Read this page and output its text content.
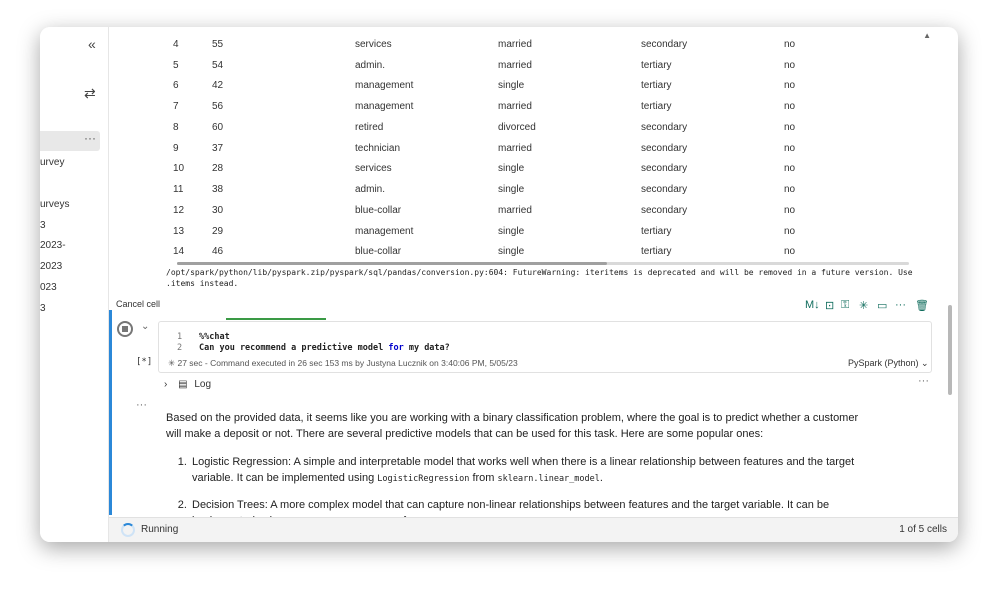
«
⇄
···
urvey
urveys
3
-2023
2023
023
3
▲
4	55	services	married	secondary	no
5	54	admin.	married	tertiary	no
6	42	management	single	tertiary	no
7	56	management	married	tertiary	no
8	60	retired	divorced	secondary	no
9	37	technician	married	secondary	no
10	28	services	single	secondary	no
11	38	admin.	single	secondary	no
12	30	blue-collar	married	secondary	no
13	29	management	single	tertiary	no
14	46	blue-collar	single	tertiary	no
/opt/spark/python/lib/pyspark.zip/pyspark/sql/pandas/conversion.py:604: FutureWarning: iteritems is deprecated and will be removed in a future version. Use .items instead.
Cancel cell
⌄
[*]
M↓ ⊡ ⚿ ✳ ▭ ··· 🗑
1 %%chat
2 Can you recommend a predictive model for my data?
✳ 27 sec - Command executed in 26 sec 153 ms by Justyna Lucznik on 3:40:06 PM, 5/05/23	PySpark (Python) ⌄
› ▤ Log	···
···

Based on the provided data, it seems like you are working with a binary classification problem, where the goal is to predict whether a customer will make a deposit or not. There are several predictive models that can be used for this task. Here are some popular ones:

1. Logistic Regression: A simple and interpretable model that works well when there is a linear relationship between features and the target variable. It can be implemented using LogisticRegression from sklearn.linear_model.
2. Decision Trees: A more complex model that can capture non-linear relationships between features and the target variable. It can be
Running	1 of 5 cells
